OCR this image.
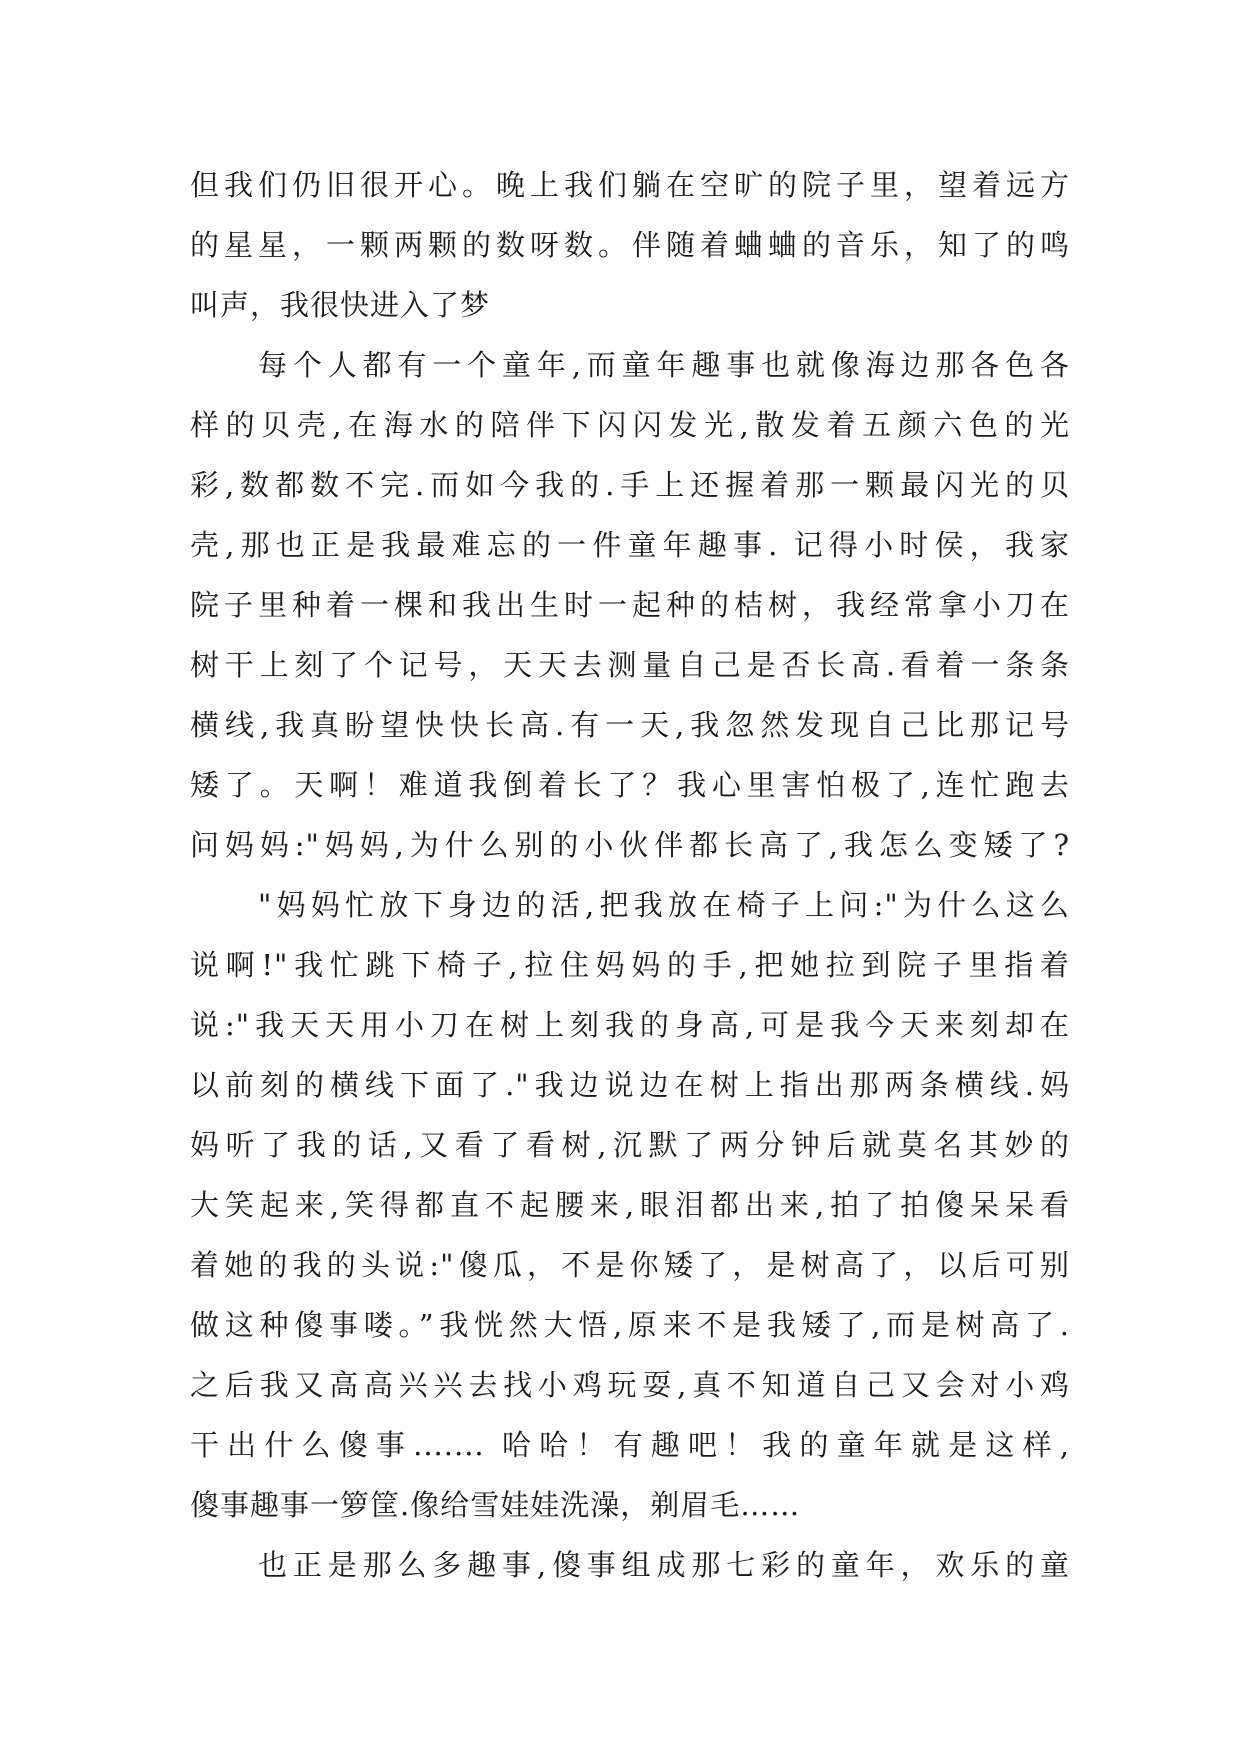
但我们仍旧很开心。晚上我们躺在空旷的院子里，望着远方
的星星，一颗两颗的数呀数。伴随着蛐蛐的音乐，知了的鸣
叫声，我很快进入了梦
每个人都有一个童年,而童年趣事也就像海边那各色各
样的贝壳,在海水的陪伴下闪闪发光,散发着五颜六色的光
彩,数都数不完.而如今我的.手上还握着那一颗最闪光的贝
壳,那也正是我最难忘的一件童年趣事. 记得小时侯，我家
院子里种着一棵和我出生时一起种的桔树，我经常拿小刀在
树干上刻了个记号，天天去测量自己是否长高.看着一条条
横线,我真盼望快快长高.有一天,我忽然发现自己比那记号
矮了。天啊！难道我倒着长了？我心里害怕极了,连忙跑去
问妈妈:"妈妈,为什么别的小伙伴都长高了,我怎么变矮了?
"妈妈忙放下身边的活,把我放在椅子上问:"为什么这么
说啊!"我忙跳下椅子,拉住妈妈的手,把她拉到院子里指着
说:"我天天用小刀在树上刻我的身高,可是我今天来刻却在
以前刻的横线下面了."我边说边在树上指出那两条横线.妈
妈听了我的话,又看了看树,沉默了两分钟后就莫名其妙的
大笑起来,笑得都直不起腰来,眼泪都出来,拍了拍傻呆呆看
着她的我的头说:"傻瓜，不是你矮了，是树高了，以后可别
做这种傻事喽。”我恍然大悟,原来不是我矮了,而是树高了.
之后我又高高兴兴去找小鸡玩耍,真不知道自己又会对小鸡
干出什么傻事....... 哈哈！有趣吧！我的童年就是这样,
傻事趣事一箩筐.像给雪娃娃洗澡，剃眉毛……
也正是那么多趣事,傻事组成那七彩的童年，欢乐的童
